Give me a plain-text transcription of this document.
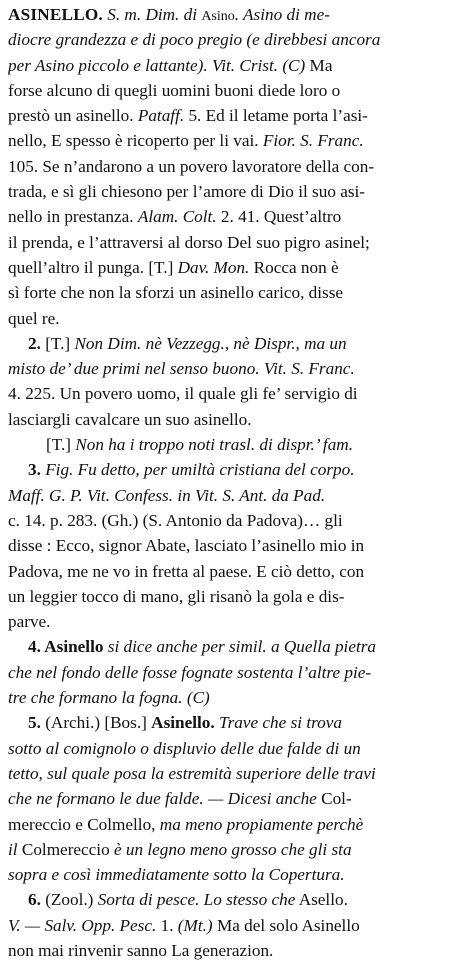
ASINELLO. S. m. Dim. di Asino. Asino di me-
diocre grandezza e di poco pregio (e direbbesi ancora
per Asino piccolo e lattante). Vit. Crist. (C) Ma
forse alcuno di quegli uomini buoni diede loro o
prestò un asinello. Pataff. 5. Ed il letame porta l’asi-
nello, E spesso è ricoperto per li vai. Fior. S. Franc.
105. Se n’andarono a un povero lavoratore della con-
trada, e sì gli chiesono per l’amore di Dio il suo asi-
nello in prestanza. Alam. Colt. 2. 41. Quest’altro
il prenda, e l’attraversi al dorso Del suo pigro asinel;
quell’altro il punga. [T.] Dav. Mon. Rocca non è
sì forte che non la sforzi un asinello carico, disse
quel re.
2. [T.] Non Dim. nè Vezzegg., nè Dispr., ma un
misto de’ due primi nel senso buono. Vit. S. Franc.
4. 225. Un povero uomo, il quale gli fe’ servigio di
lasciargli cavalcare un suo asinello.
[T.] Non ha i troppo noti trasl. di dispr.’ fam.
3. Fig. Fu detto, per umiltà cristiana del corpo.
Maff. G. P. Vit. Confess. in Vit. S. Ant. da Pad.
c. 14. p. 283. (Gh.) (S. Antonio da Padova)… gli
disse : Ecco, signor Abate, lasciato l’asinello mio in
Padova, me ne vo in fretta al paese. E ciò detto, con
un leggier tocco di mano, gli risanò la gola e dis-
parve.
4. Asinello si dice anche per simil. a Quella pietra
che nel fondo delle fosse fognate sostenta l’altre pie-
tre che formano la fogna. (C)
5. (Archi.) [Bos.] Asinello. Trave che si trova
sotto al comignolo o displuvio delle due falde di un
tetto, sul quale posa la estremità superiore delle travi
che ne formano le due falde. — Dicesi anche Col-
mereccio e Colmello, ma meno propiamente perchè
il Colmereccio è un legno meno grosso che gli sta
sopra e così immediatamente sotto la Copertura.
6. (Zool.) Sorta di pesce. Lo stesso che Asello.
V. — Salv. Opp. Pesc. 1. (Mt.) Ma del solo Asinello
non mai rinvenir sanno La generazion.
